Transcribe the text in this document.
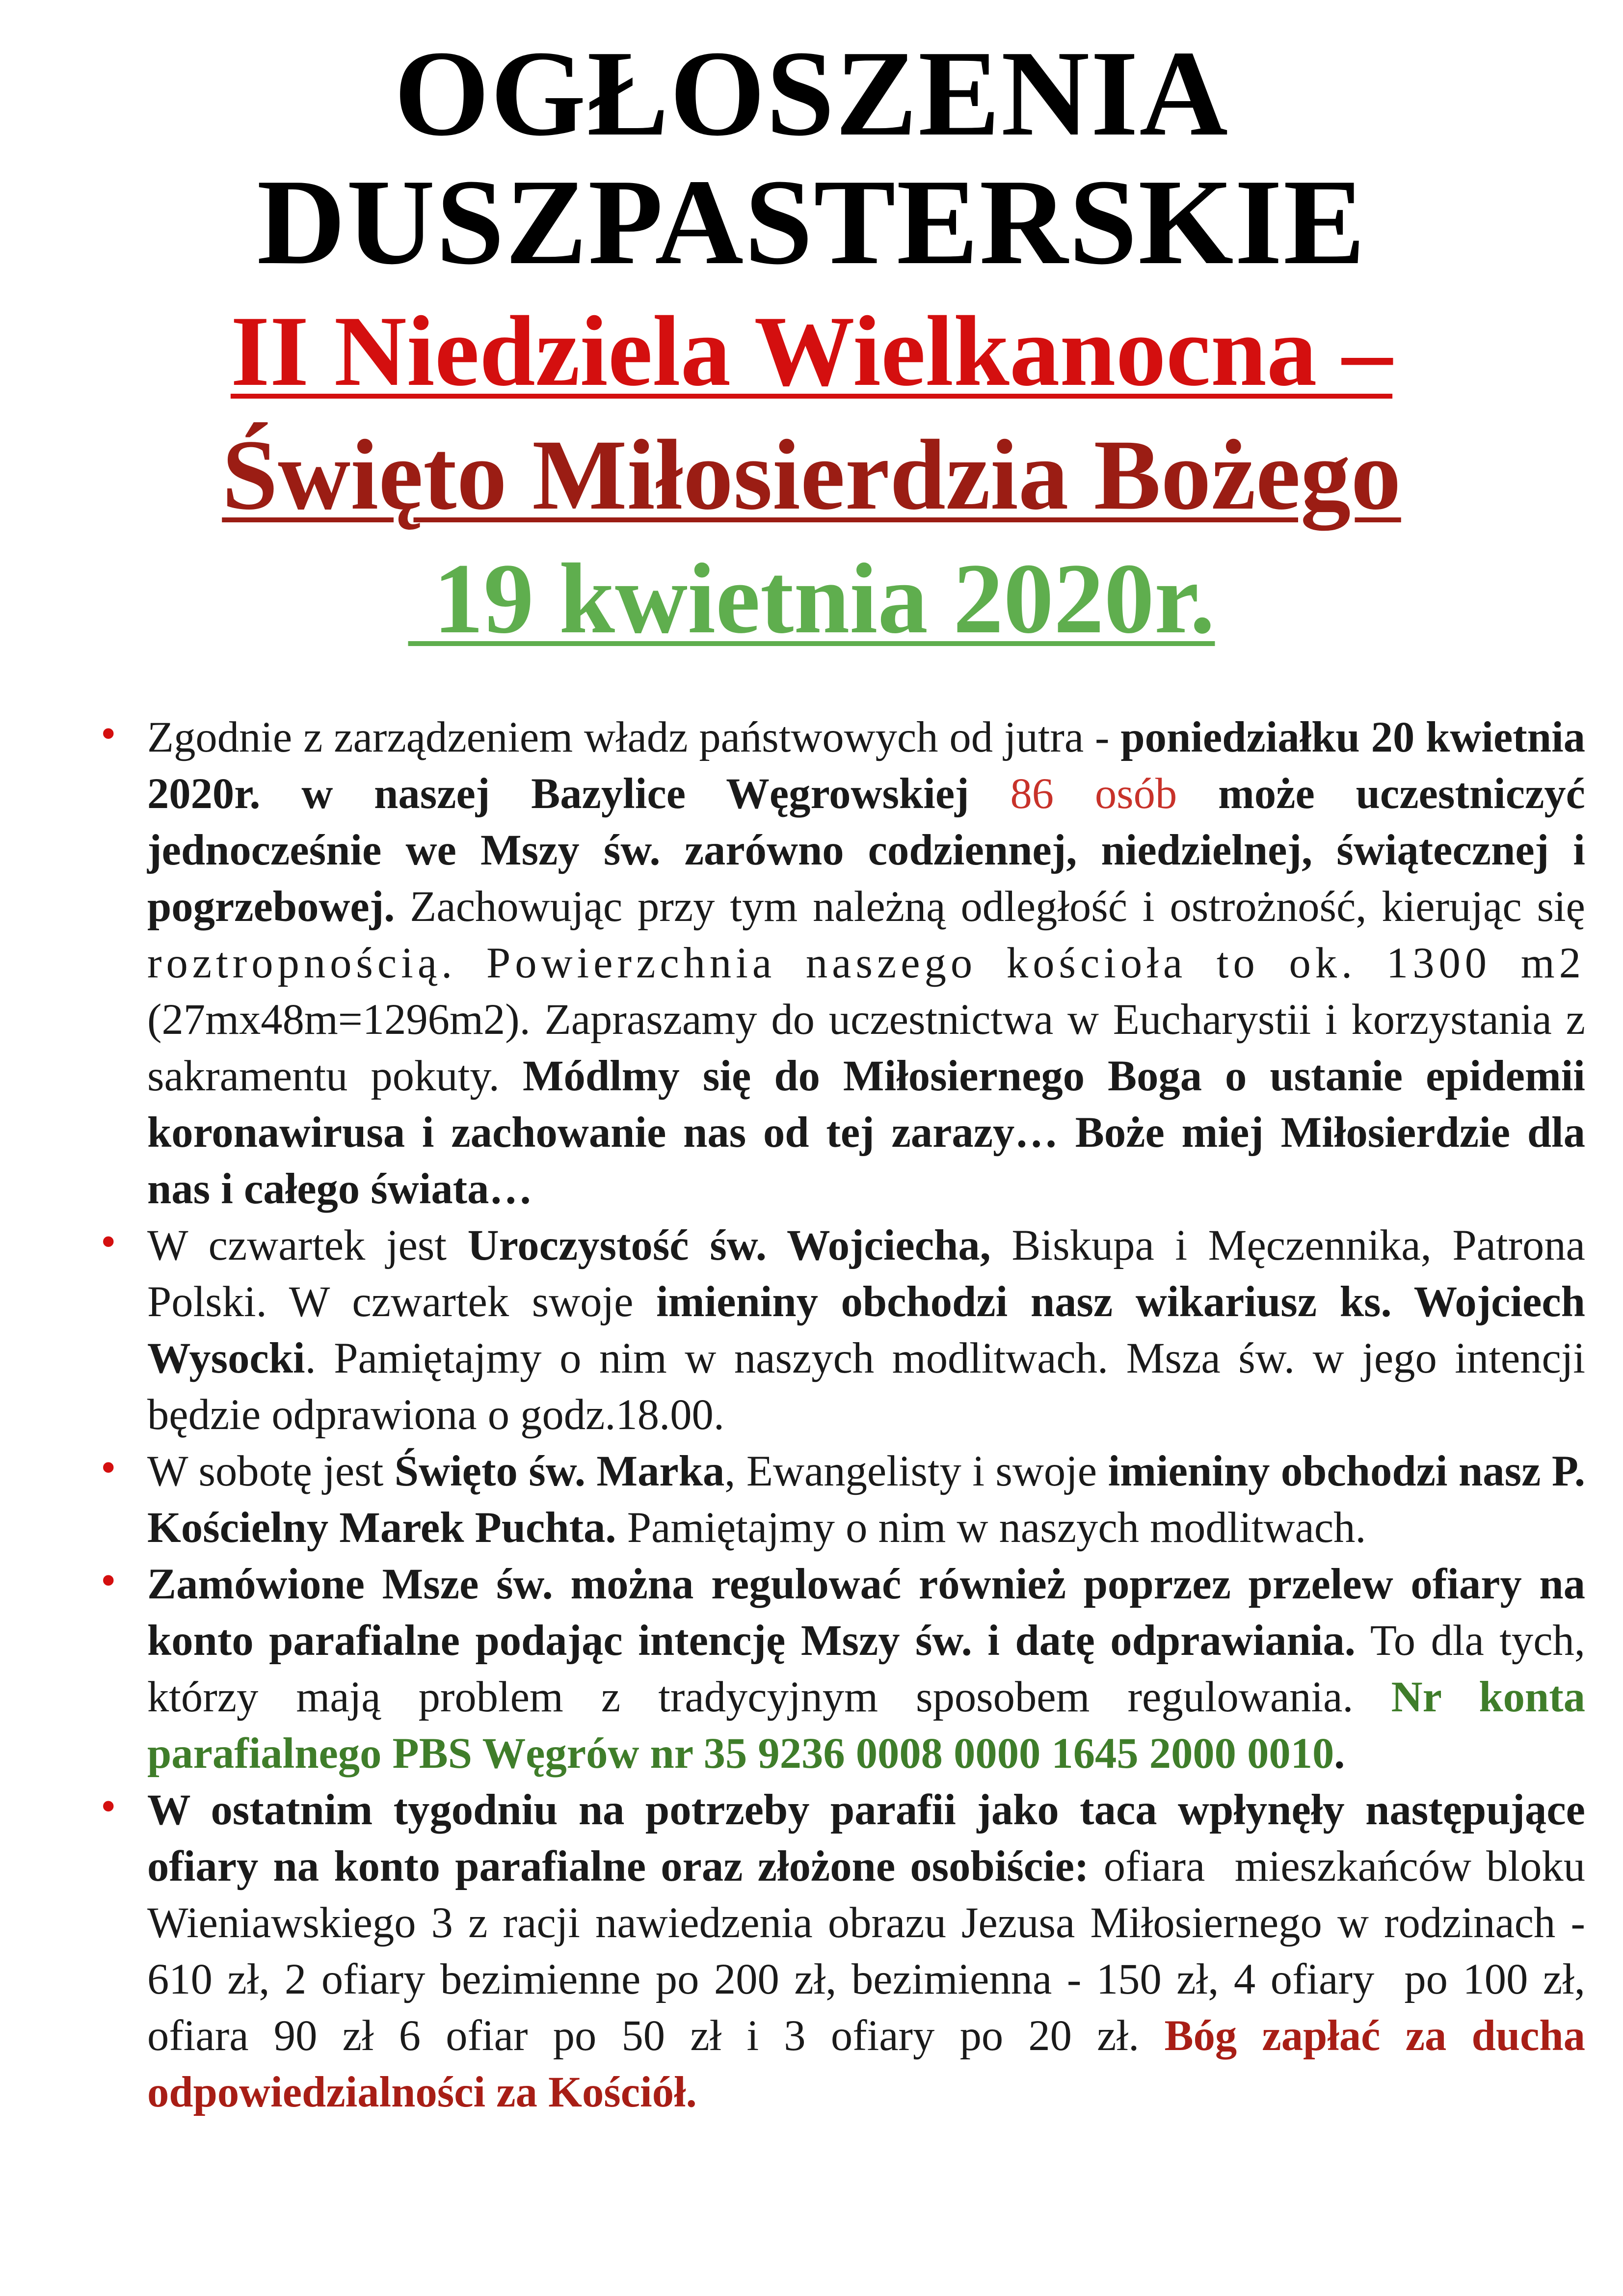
OGŁOSZENIA
DUSZPASTERSKIE
II Niedziela Wielkanocna –
Święto Miłosierdzia Bożego
19 kwietnia 2020r.
• Zgodnie z zarządzeniem władz państwowych od jutra - poniedziałku 20 kwietnia 2020r. w naszej Bazylice Węgrowskiej 86 osób może uczestniczyć jednocześnie we Mszy św. zarówno codziennej, niedzielnej, świątecznej i pogrzebowej. Zachowując przy tym należną odległość i ostrożność, kierując się roztropnością. Powierzchnia naszego kościoła to ok. 1300 m2 (27mx48m=1296m2). Zapraszamy do uczestnictwa w Eucharystii i korzystania z sakramentu pokuty. Módlmy się do Miłosiernego Boga o ustanie epidemii koronawirusa i zachowanie nas od tej zarazy… Boże miej Miłosierdzie dla nas i całego świata…
• W czwartek jest Uroczystość św. Wojciecha, Biskupa i Męczennika, Patrona Polski. W czwartek swoje imieniny obchodzi nasz wikariusz ks. Wojciech Wysocki. Pamiętajmy o nim w naszych modlitwach. Msza św. w jego intencji będzie odprawiona o godz.18.00.
• W sobotę jest Święto św. Marka, Ewangelisty i swoje imieniny obchodzi nasz P. Kościelny Marek Puchta. Pamiętajmy o nim w naszych modlitwach.
• Zamówione Msze św. można regulować również poprzez przelew ofiary na konto parafialne podając intencję Mszy św. i datę odprawiania. To dla tych, którzy mają problem z tradycyjnym sposobem regulowania. Nr konta parafialnego PBS Węgrów nr 35 9236 0008 0000 1645 2000 0010.
• W ostatnim tygodniu na potrzeby parafii jako taca wpłynęły następujące ofiary na konto parafialne oraz złożone osobiście: ofiara  mieszkańców bloku Wieniawskiego 3 z racji nawiedzenia obrazu Jezusa Miłosiernego w rodzinach - 610 zł, 2 ofiary bezimienne po 200 zł, bezimienna - 150 zł, 4 ofiary  po 100 zł, ofiara 90 zł 6 ofiar po 50 zł i 3 ofiary po 20 zł. Bóg zapłać za ducha odpowiedzialności za Kościół.
